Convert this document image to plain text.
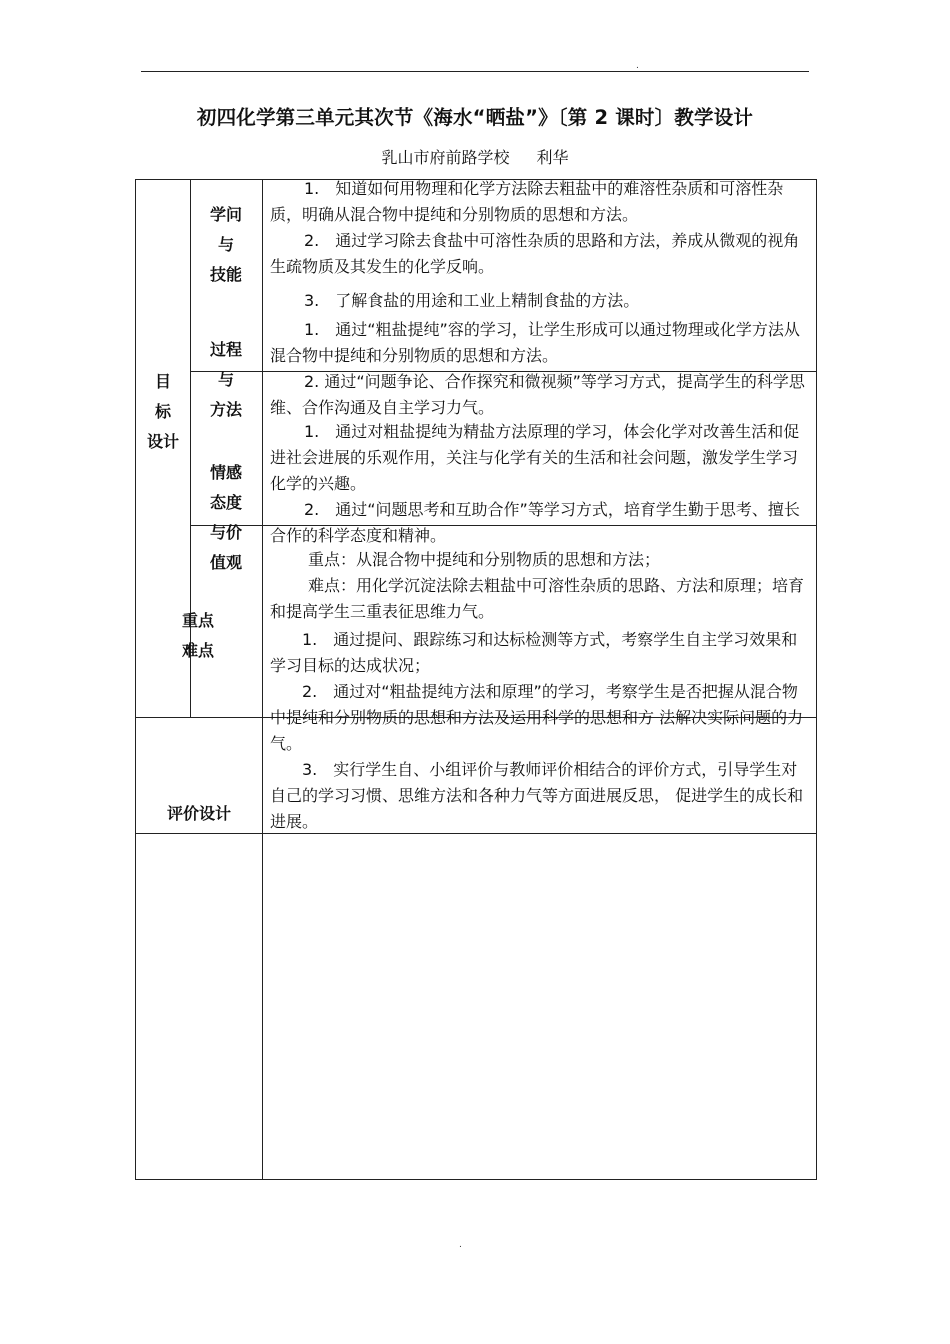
.
初四化学第三单元其次节《海水“晒盐”》〔第 2 课时〕教学设计
乳山市府前路学校 利华
目
标
设计
学问
与
技能
过程
与
方法
情感
态度
与价
值观
重点
难点
评价设计

1.　知道如何用物理和化学方法除去粗盐中的难溶性杂质和可溶性杂质，明确从混合物中提纯和分别物质的思想和方法。

2.　通过学习除去食盐中可溶性杂质的思路和方法，养成从微观的视角生疏物质及其发生的化学反响。

3.　了解食盐的用途和工业上精制食盐的方法。

1.　通过“粗盐提纯”容的学习，让学生形成可以通过物理或化学方法从混合物中提纯和分别物质的思想和方法。

2. 通过“问题争论、合作探究和微视频”等学习方式，提高学生的科学思维、合作沟通及自主学习力气。

1.　通过对粗盐提纯为精盐方法原理的学习，体会化学对改善生活和促进社会进展的乐观作用，关注与化学有关的生活和社会问题，激发学生学习化学的兴趣。

2.　通过“问题思考和互助合作”等学习方式，培育学生勤于思考、擅长合作的科学态度和精神。

重点：从混合物中提纯和分别物质的思想和方法；

难点：用化学沉淀法除去粗盐中可溶性杂质的思路、方法和原理；培育和提高学生三重表征思维力气。

1.　通过提问、跟踪练习和达标检测等方式，考察学生自主学习效果和学习目标的达成状况；

2.　通过对“粗盐提纯方法和原理”的学习，考察学生是否把握从混合物中提纯和分别物质的思想和方法及运用科学的思想和方 法解决实际问题的力气。

3.　实行学生自、小组评价与教师评价相结合的评价方式，引导学生对自己的学习习惯、思维方法和各种力气等方面进展反思， 促进学生的成长和进展。

.
